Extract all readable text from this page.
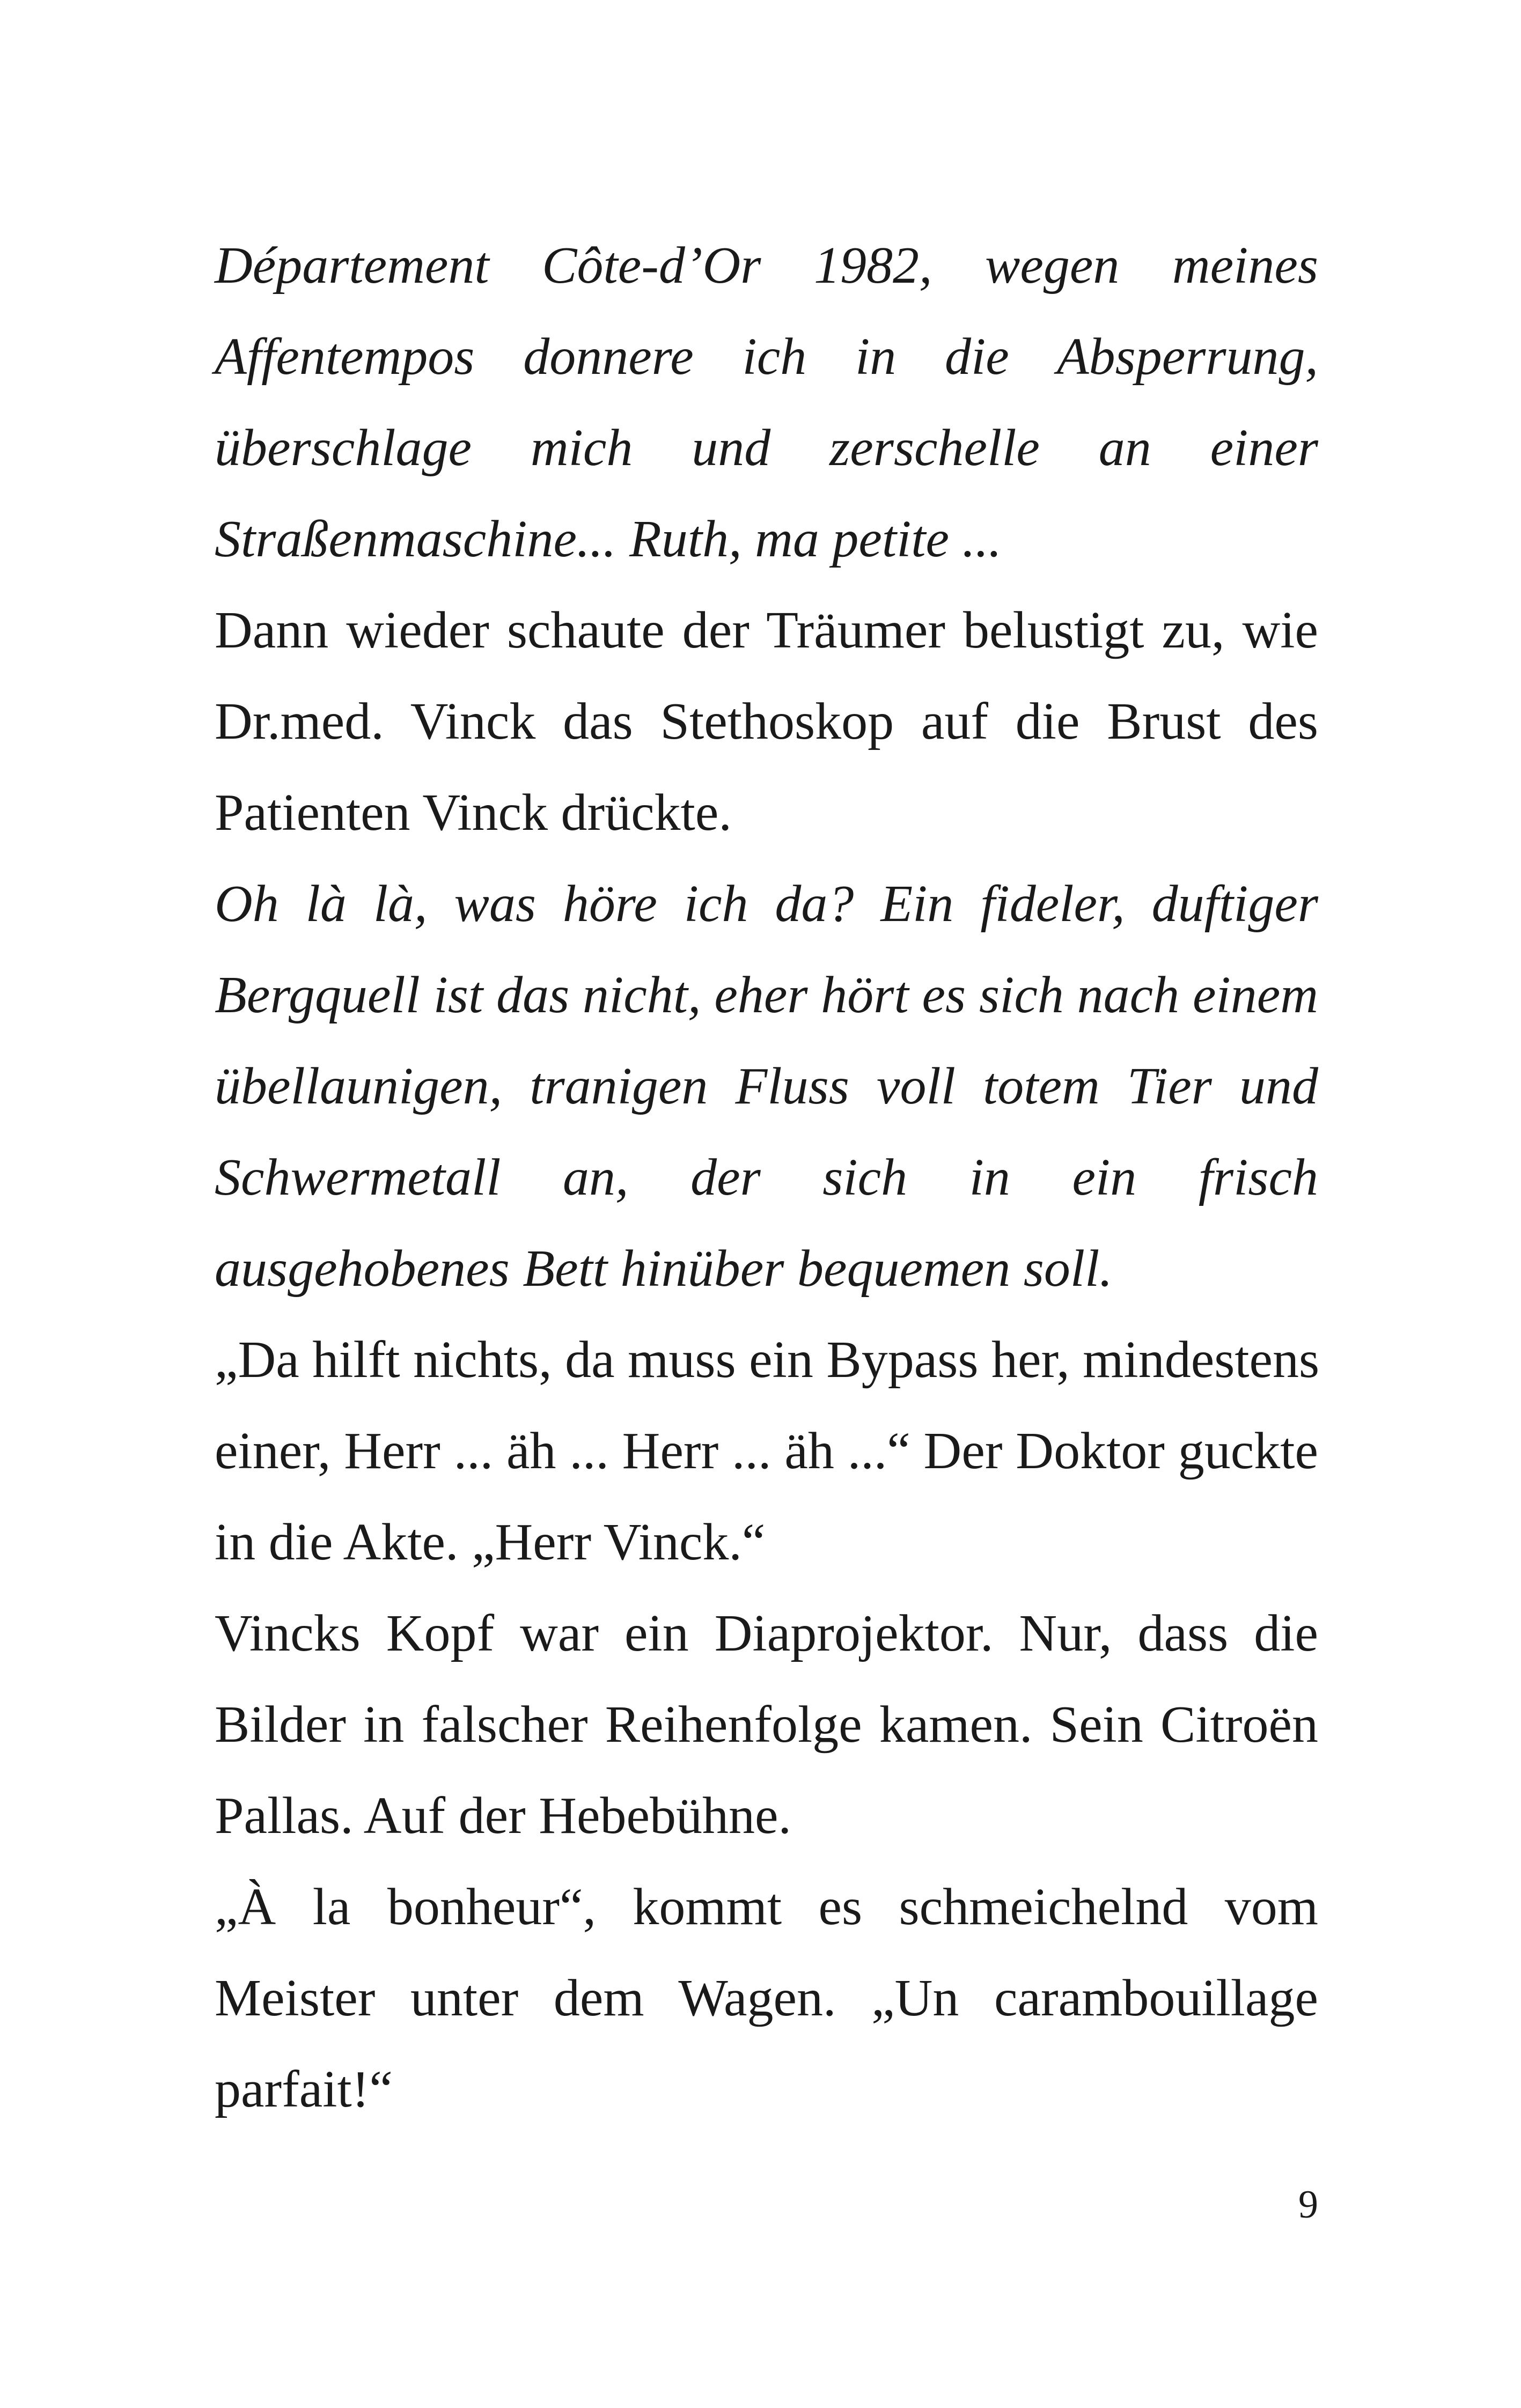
Département Côte-d’Or 1982, wegen meines
Affentempos donnere ich in die Absperrung,
überschlage mich und zerschelle an einer
Straßenmaschine... Ruth, ma petite ...
Dann wieder schaute der Träumer belustigt zu, wie
Dr.med. Vinck das Stethoskop auf die Brust des
Patienten Vinck drückte.
Oh là là, was höre ich da? Ein fideler, duftiger
Bergquell ist das nicht, eher hört es sich nach einem
übellaunigen, tranigen Fluss voll totem Tier und
Schwermetall an, der sich in ein frisch
ausgehobenes Bett hinüber bequemen soll.
„Da hilft nichts, da muss ein Bypass her, mindestens
einer, Herr ... äh ... Herr ... äh ...“ Der Doktor guckte
in die Akte. „Herr Vinck.“
Vincks Kopf war ein Diaprojektor. Nur, dass die
Bilder in falscher Reihenfolge kamen. Sein Citroën
Pallas. Auf der Hebebühne.
„À la bonheur“, kommt es schmeichelnd vom
Meister unter dem Wagen. „Un carambouillage
parfait!“
9
